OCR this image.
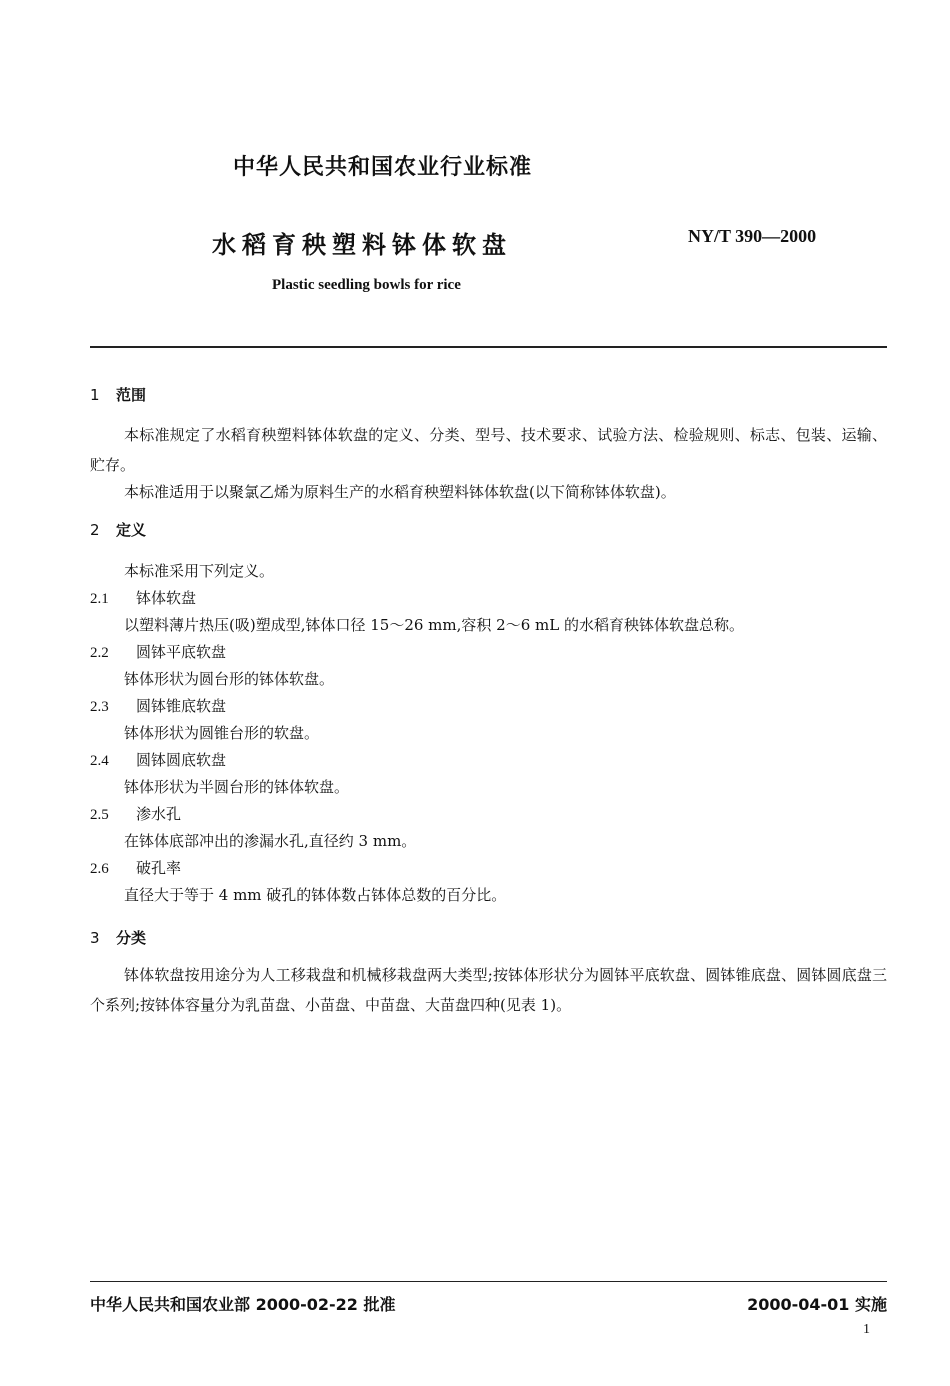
中华人民共和国农业行业标准
水稻育秧塑料钵体软盘	NY/T 390—2000
Plastic seedling bowls for rice
1 范围
本标准规定了水稻育秧塑料钵体软盘的定义、分类、型号、技术要求、试验方法、检验规则、标志、包装、运输、贮存。
本标准适用于以聚氯乙烯为原料生产的水稻育秧塑料钵体软盘(以下简称钵体软盘)。
2 定义
本标准采用下列定义。
2.1 钵体软盘
以塑料薄片热压(吸)塑成型,钵体口径 15～26 mm,容积 2～6 mL 的水稻育秧钵体软盘总称。
2.2 圆钵平底软盘
钵体形状为圆台形的钵体软盘。
2.3 圆钵锥底软盘
钵体形状为圆锥台形的软盘。
2.4 圆钵圆底软盘
钵体形状为半圆台形的钵体软盘。
2.5 渗水孔
在钵体底部冲出的渗漏水孔,直径约 3 mm。
2.6 破孔率
直径大于等于 4 mm 破孔的钵体数占钵体总数的百分比。
3 分类
钵体软盘按用途分为人工移栽盘和机械移栽盘两大类型;按钵体形状分为圆钵平底软盘、圆钵锥底盘、圆钵圆底盘三个系列;按钵体容量分为乳苗盘、小苗盘、中苗盘、大苗盘四种(见表 1)。
中华人民共和国农业部 2000-02-22 批准	2000-04-01 实施
1
